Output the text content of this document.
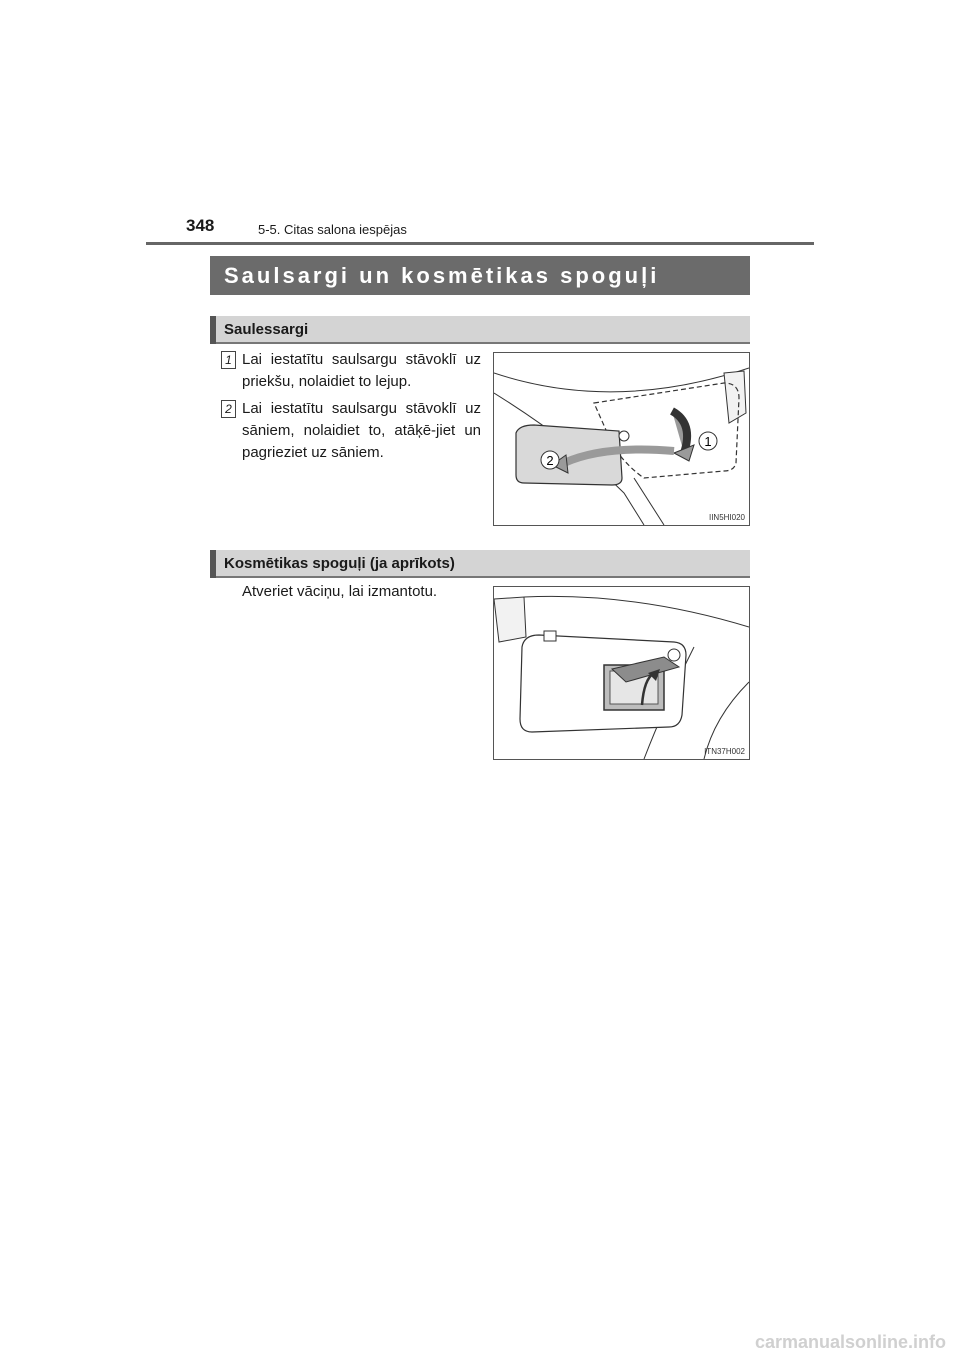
348	5-5. Citas salona iespējas
Saulsargi un kosmētikas spoguļi
Saulessargi
1 Lai iestatītu saulsargu stāvoklī uz priekšu, nolaidiet to lejup.
2 Lai iestatītu saulsargu stāvoklī uz sāniem, nolaidiet to, atāķē-jiet un pagrieziet uz sāniem.
1
2
IIN5HI020
Kosmētikas spoguļi (ja aprīkots)
Atveriet vāciņu, lai izmantotu.
ITN37H002
carmanualsonline.info
